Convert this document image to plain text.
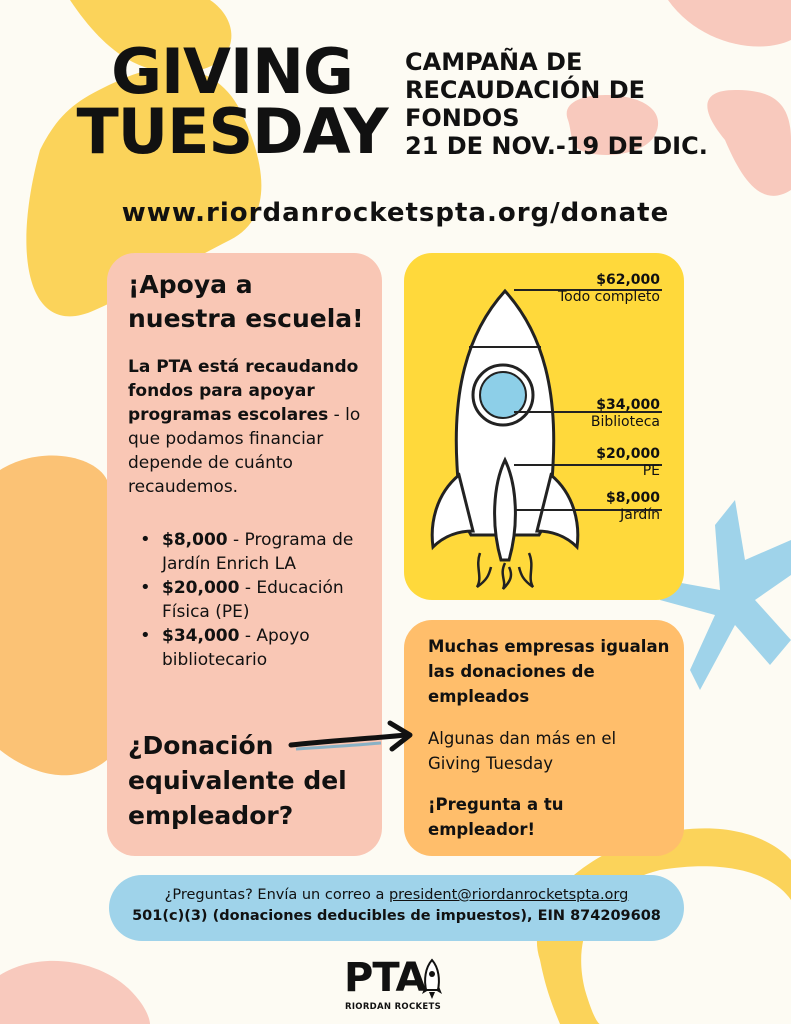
GIVING
TUESDAY
CAMPAÑA DE
RECAUDACIÓN DE
FONDOS
21 DE NOV.-19 DE DIC.
www.riordanrocketspta.org/donate
¡Apoya a
nuestra escuela!
La PTA está recaudando fondos para apoyar programas escolares - lo que podamos financiar depende de cuánto recaudemos.
• $8,000 - Programa de Jardín Enrich LA
• $20,000 - Educación Física (PE)
• $34,000 - Apoyo bibliotecario
¿Donación
equivalente del
empleador?
$62,000
Todo completo
$34,000
Biblioteca
$20,000
PE
$8,000
Jardín
Muchas empresas igualan las donaciones de empleados
Algunas dan más en el Giving Tuesday
¡Pregunta a tu empleador!
¿Preguntas? Envía un correo a president@riordanrocketspta.org
501(c)(3) (donaciones deducibles de impuestos), EIN 874209608
PTA
RIORDAN ROCKETS
